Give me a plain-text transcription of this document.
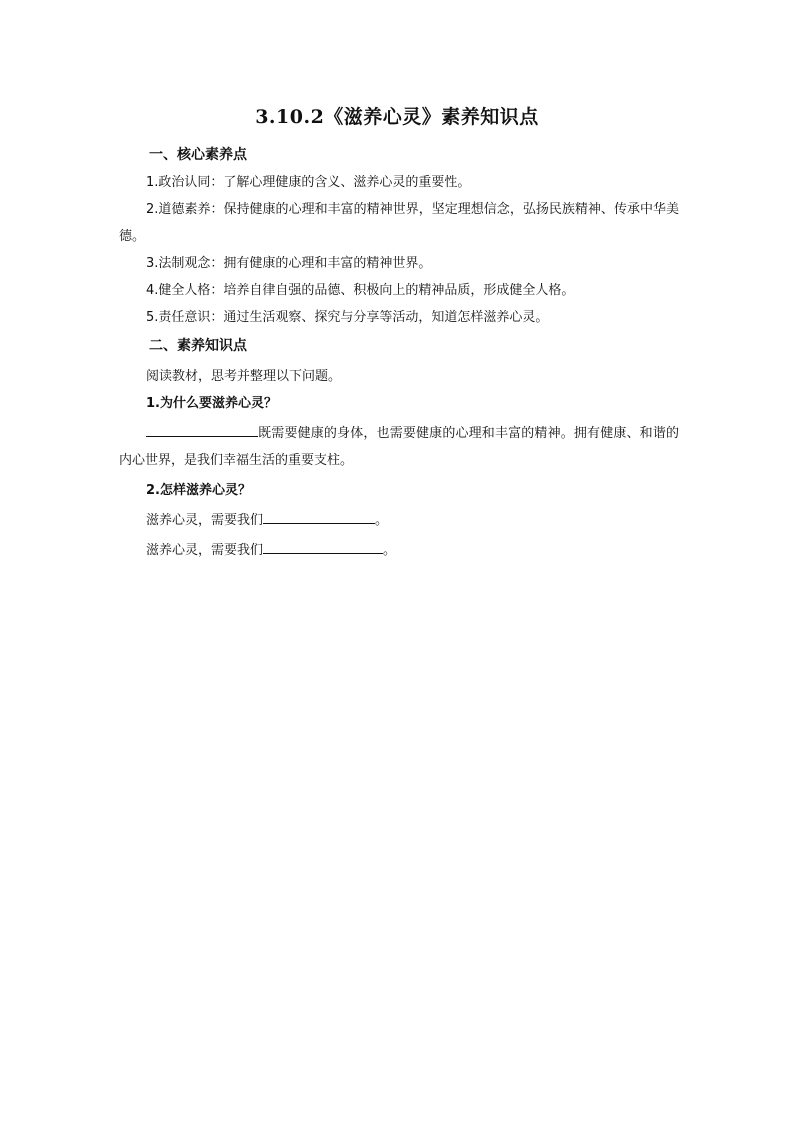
3.10.2《滋养心灵》素养知识点

一、核心素养点

1.政治认同：了解心理健康的含义、滋养心灵的重要性。

2.道德素养：保持健康的心理和丰富的精神世界，坚定理想信念，弘扬民族精神、传承中华美德。

3.法制观念：拥有健康的心理和丰富的精神世界。

4.健全人格：培养自律自强的品德、积极向上的精神品质，形成健全人格。

5.责任意识：通过生活观察、探究与分享等活动，知道怎样滋养心灵。

二、素养知识点

阅读教材，思考并整理以下问题。

1.为什么要滋养心灵？

既需要健康的身体，也需要健康的心理和丰富的精神。拥有健康、和谐的内心世界，是我们幸福生活的重要支柱。

2.怎样滋养心灵？

滋养心灵，需要我们	。

滋养心灵，需要我们	。
